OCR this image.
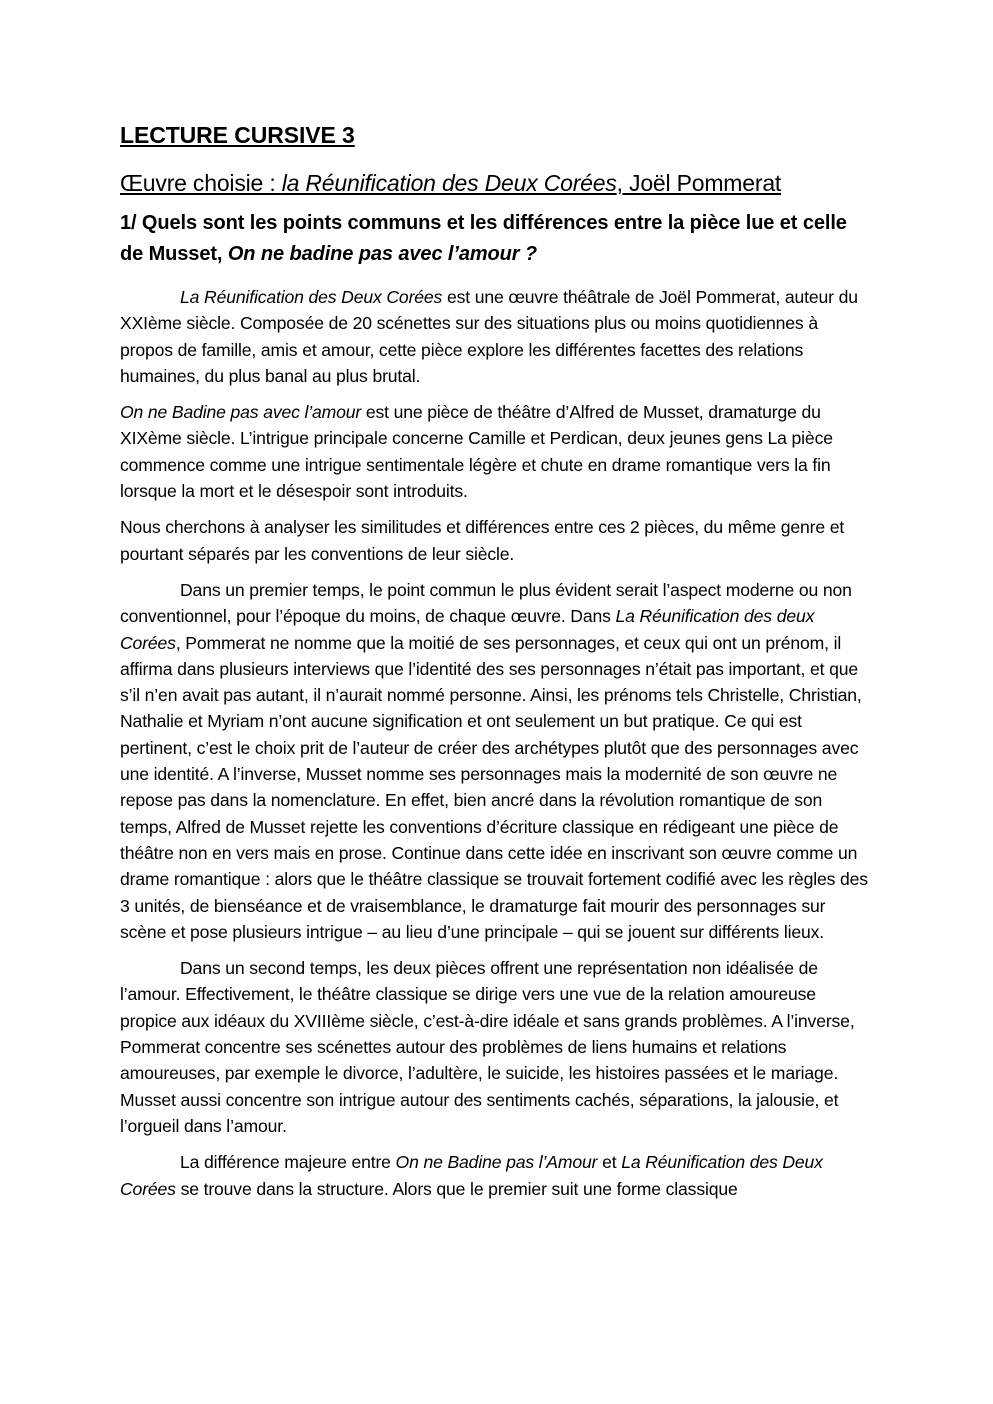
LECTURE CURSIVE 3
Œuvre choisie : la Réunification des Deux Corées, Joël Pommerat
1/ Quels sont les points communs et les différences entre la pièce lue et celle de Musset, On ne badine pas avec l’amour ?

La Réunification des Deux Corées est une œuvre théâtrale de Joël Pommerat, auteur du XXIème siècle. Composée de 20 scénettes sur des situations plus ou moins quotidiennes à propos de famille, amis et amour, cette pièce explore les différentes facettes des relations humaines, du plus banal au plus brutal.

On ne Badine pas avec l’amour est une pièce de théâtre d’Alfred de Musset, dramaturge du XIXème siècle. L’intrigue principale concerne Camille et Perdican, deux jeunes gens La pièce commence comme une intrigue sentimentale légère et chute en drame romantique vers la fin lorsque la mort et le désespoir sont introduits.

Nous cherchons à analyser les similitudes et différences entre ces 2 pièces, du même genre et pourtant séparés par les conventions de leur siècle.

Dans un premier temps, le point commun le plus évident serait l’aspect moderne ou non conventionnel, pour l’époque du moins, de chaque œuvre. Dans La Réunification des deux Corées, Pommerat ne nomme que la moitié de ses personnages, et ceux qui ont un prénom, il affirma dans plusieurs interviews que l’identité des ses personnages n’était pas important, et que s’il n’en avait pas autant, il n’aurait nommé personne. Ainsi, les prénoms tels Christelle, Christian, Nathalie et Myriam n’ont aucune signification et ont seulement un but pratique. Ce qui est pertinent, c’est le choix prit de l’auteur de créer des archétypes plutôt que des personnages avec une identité. A l’inverse, Musset nomme ses personnages mais la modernité de son œuvre ne repose pas dans la nomenclature. En effet, bien ancré dans la révolution romantique de son temps, Alfred de Musset rejette les conventions d’écriture classique en rédigeant une pièce de théâtre non en vers mais en prose. Continue dans cette idée en inscrivant son œuvre comme un drame romantique : alors que le théâtre classique se trouvait fortement codifié avec les règles des 3 unités, de bienséance et de vraisemblance, le dramaturge fait mourir des personnages sur scène et pose plusieurs intrigue – au lieu d’une principale – qui se jouent sur différents lieux.

Dans un second temps, les deux pièces offrent une représentation non idéalisée de l’amour. Effectivement, le théâtre classique se dirige vers une vue de la relation amoureuse propice aux idéaux du XVIIIème siècle, c’est-à-dire idéale et sans grands problèmes. A l’inverse, Pommerat concentre ses scénettes autour des problèmes de liens humains et relations amoureuses, par exemple le divorce, l’adultère, le suicide, les histoires passées et le mariage. Musset aussi concentre son intrigue autour des sentiments cachés, séparations, la jalousie, et l’orgueil dans l’amour.

La différence majeure entre On ne Badine pas l’Amour et La Réunification des Deux Corées se trouve dans la structure. Alors que le premier suit une forme classique
